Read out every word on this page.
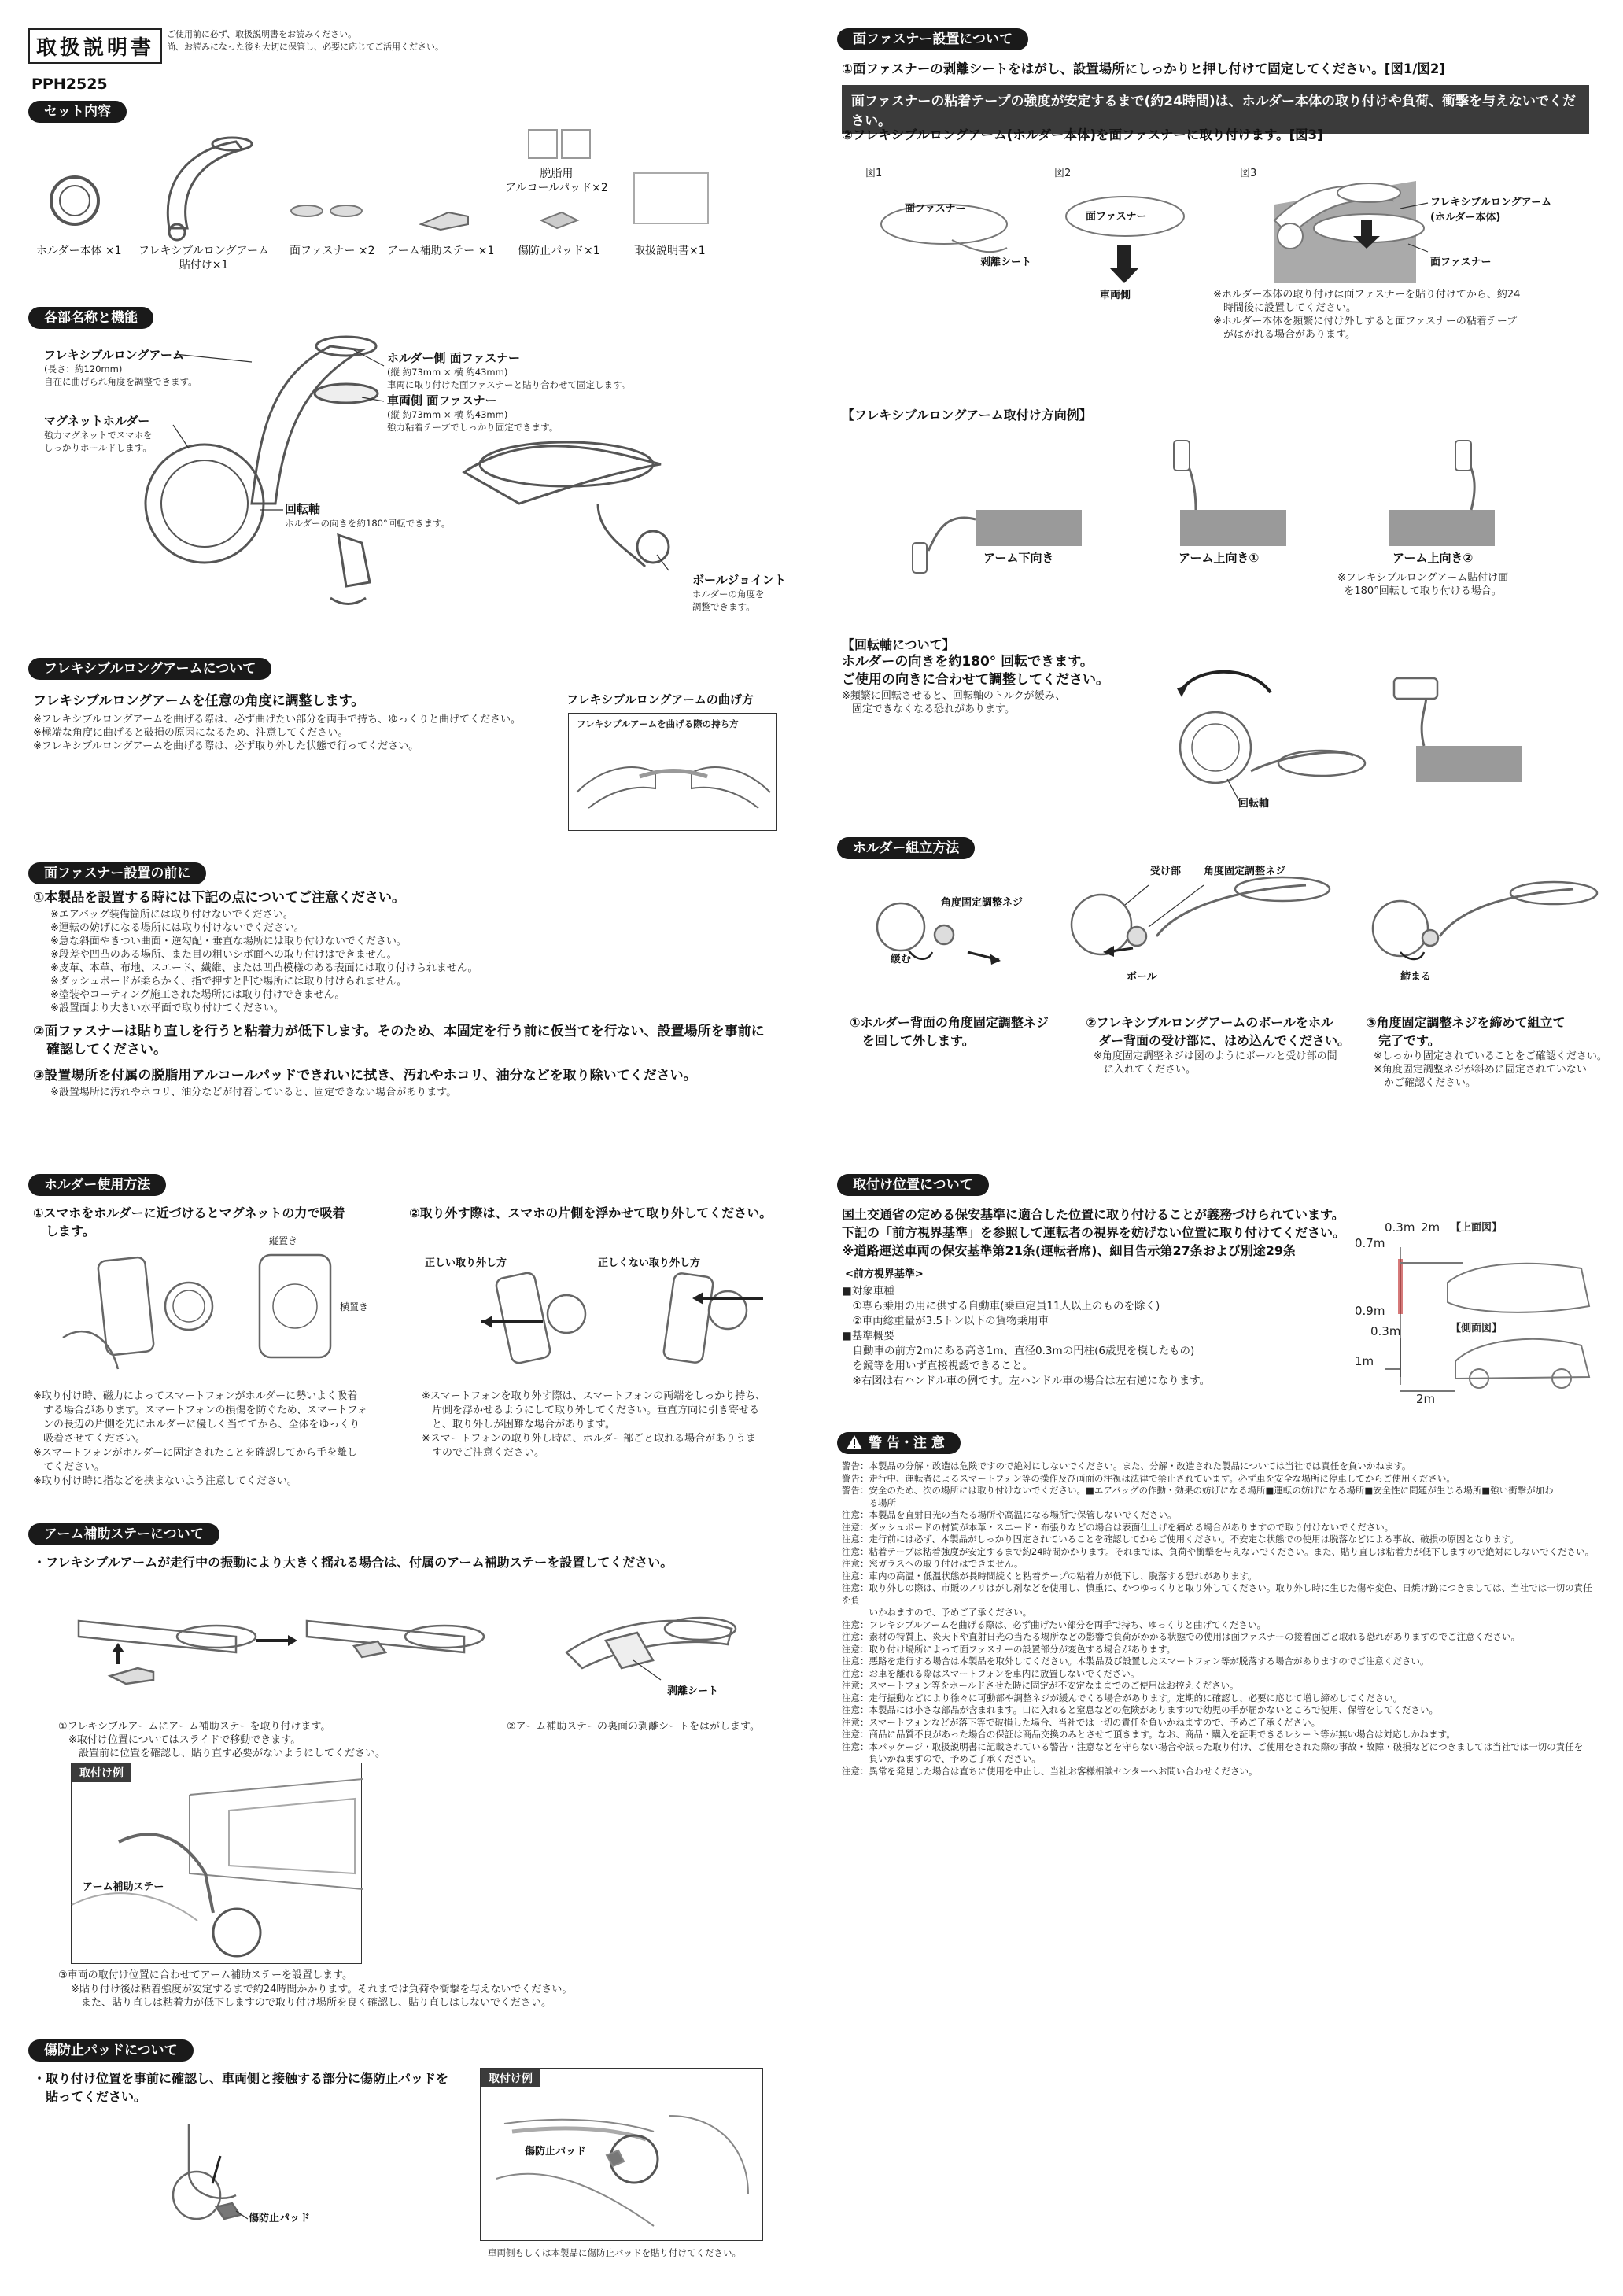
取扱説明書
ご使用前に必ず、取扱説明書をお読みください。
尚、お読みになった後も大切に保管し、必要に応じてご活用ください。
PPH2525
セット内容
ホルダー本体 ×1 フレキシブルロングアーム
貼付け×1
面ファスナー ×2 アーム補助ステー ×1 傷防止パッド×1	取扱説明書×1
脱脂用
アルコールパッド×2
各部名称と機能
フレキシブルロングアーム
(長さ：約120mm)
自在に曲げられ角度を調整できます。
マグネットホルダー
強力マグネットでスマホを
しっかりホールドします。
ホルダー側 面ファスナー
(縦 約73mm × 横 約43mm)
車両に取り付けた面ファスナーと貼り合わせて固定します。
車両側 面ファスナー
(縦 約73mm × 横 約43mm)
強力粘着テープでしっかり固定できます。
回転軸
ホルダーの向きを約180°回転できます。
ボールジョイント
ホルダーの角度を
調整できます。
フレキシブルロングアームについて
フレキシブルロングアームを任意の角度に調整します。
※フレキシブルロングアームを曲げる際は、必ず曲げたい部分を両手で持ち、ゆっくりと曲げてください。
※極端な角度に曲げると破損の原因になるため、注意してください。
※フレキシブルロングアームを曲げる際は、必ず取り外した状態で行ってください。
フレキシブルロングアームの曲げ方
フレキシブルアームを曲げる際の持ち方
面ファスナー設置の前に
①本製品を設置する時には下記の点についてご注意ください。
※エアバッグ装備箇所には取り付けないでください。
※運転の妨げになる場所には取り付けないでください。
※急な斜面やきつい曲面・逆勾配・垂直な場所には取り付けないでください。
※段差や凹凸のある場所、また目の粗いシボ面への取り付けはできません。
※皮革、本革、布地、スエード、繊維、または凹凸模様のある表面には取り付けられません。
※ダッシュボードが柔らかく、指で押すと凹む場所には取り付けられません。
※塗装やコーティング施工された場所には取り付けできません。
※設置面より大きい水平面で取り付けてください。
②面ファスナーは貼り直しを行うと粘着力が低下します。そのため、本固定を行う前に仮当てを行ない、設置場所を事前に
　確認してください。
③設置場所を付属の脱脂用アルコールパッドできれいに拭き、汚れやホコリ、油分などを取り除いてください。
※設置場所に汚れやホコリ、油分などが付着していると、固定できない場合があります。
ホルダー使用方法
①スマホをホルダーに近づけるとマグネットの力で吸着
　します。
②取り外す際は、スマホの片側を浮かせて取り外してください。
縦置き
横置き
正しい取り外し方	正しくない取り外し方
※取り付け時、磁力によってスマートフォンがホルダーに勢いよく吸着
　する場合があります。スマートフォンの損傷を防ぐため、スマートフォ
　ンの長辺の片側を先にホルダーに優しく当ててから、全体をゆっくり
　吸着させてください。
※スマートフォンがホルダーに固定されたことを確認してから手を離し
　てください。
※取り付け時に指などを挟まないよう注意してください。
※スマートフォンを取り外す際は、スマートフォンの両端をしっかり持ち、
　片側を浮かせるようにして取り外してください。垂直方向に引き寄せる
　と、取り外しが困難な場合があります。
※スマートフォンの取り外し時に、ホルダー部ごと取れる場合がありうま
　すのでご注意ください。
アーム補助ステーについて
・フレキシブルアームが走行中の振動により大きく揺れる場合は、付属のアーム補助ステーを設置してください。
剥離シート
①フレキシブルアームにアーム補助ステーを取り付けます。
　※取付け位置についてはスライドで移動できます。
　　設置前に位置を確認し、貼り直す必要がないようにしてください。
②アーム補助ステーの裏面の剥離シートをはがします。
取付け例
アーム補助ステー
③車両の取付け位置に合わせてアーム補助ステーを設置します。
※貼り付け後は粘着強度が安定するまで約24時間かかります。それまでは負荷や衝撃を与えないでください。
　また、貼り直しは粘着力が低下しますので取り付け場所を良く確認し、貼り直しはしないでください。
傷防止パッドについて
・取り付け位置を事前に確認し、車両側と接触する部分に傷防止パッドを
　貼ってください。
傷防止パッド
取付け例
傷防止パッド
車両側もしくは本製品に傷防止パッドを貼り付けてください。
面ファスナー設置について
①面ファスナーの剥離シートをはがし、設置場所にしっかりと押し付けて固定してください。[図1/図2]
面ファスナーの粘着テープの強度が安定するまで(約24時間)は、ホルダー本体の取り付けや負荷、衝撃を与えないでください。
②フレキシブルロングアーム(ホルダー本体)を面ファスナーに取り付けます。[図3]
図1	図2	図3
面ファスナー
剥離シート
面ファスナー
車両側
フレキシブルロングアーム
(ホルダー本体)
面ファスナー
※ホルダー本体の取り付けは面ファスナーを貼り付けてから、約24
　時間後に設置してください。
※ホルダー本体を頻繁に付け外しすると面ファスナーの粘着テープ
　がはがれる場合があります。
【フレキシブルロングアーム取付け方向例】
アーム下向き	アーム上向き①	アーム上向き②
※フレキシブルロングアーム貼付け面
を180°回転して取り付ける場合。
【回転軸について】
ホルダーの向きを約180° 回転できます。
ご使用の向きに合わせて調整してください。
※頻繁に回転させると、回転軸のトルクが緩み、
　固定できなくなる恐れがあります。
回転軸
ホルダー組立方法
角度固定調整ネジ
緩む
受け部 角度固定調整ネジ
ボール	締まる
①ホルダー背面の角度固定調整ネジ
　を回して外します。
②フレキシブルロングアームのボールをホル
　ダー背面の受け部に、はめ込んでください。
※角度固定調整ネジは図のようにボールと受け部の間
　に入れてください。
③角度固定調整ネジを締めて組立て
　完了です。
※しっかり固定されていることをご確認ください。
※角度固定調整ネジが斜めに固定されていない
　かご確認ください。
取付け位置について
国土交通省の定める保安基準に適合した位置に取り付けることが義務づけられています。
下記の「前方視界基準」を参照して運転者の視界を妨げない位置に取り付けてください。
※道路運送車両の保安基準第21条(運転者席)、細目告示第27条および別途29条
<前方視界基準>
■対象車種
　①専ら乗用の用に供する自動車(乗車定員11人以上のものを除く)
　②車両総重量が3.5トン以下の貨物乗用車
■基準概要
　自動車の前方2mにある高さ1m、直径0.3mの円柱(6歳児を模したもの)
　を鏡等を用いず直接視認できること。
　※右図は右ハンドル車の例です。左ハンドル車の場合は左右逆になります。
【上面図】
0.3m 2m
0.7m
0.9m
0.3m	【側面図】
1m
2m
警 告・注 意
警告：本製品の分解・改造は危険ですので絶対にしないでください。また、分解・改造された製品については当社では責任を負いかねます。
警告：走行中、運転者によるスマートフォン等の操作及び画面の注視は法律で禁止されています。必ず車を安全な場所に停車してからご使用ください。
警告：安全のため、次の場所には取り付けないでください。■エアバッグの作動・効果の妨げになる場所■運転の妨げになる場所■安全性に問題が生じる場所■強い衝撃が加わ
　　　る場所
注意：本製品を直射日光の当たる場所や高温になる場所で保管しないでください。
注意：ダッシュボードの材質が本革・スエード・布張りなどの場合は表面仕上げを痛める場合がありますので取り付けないでください。
注意：走行前には必ず、本製品がしっかり固定されていることを確認してからご使用ください。不安定な状態での使用は脱落などによる事故、破損の原因となります。
注意：粘着テープは粘着強度が安定するまで約24時間かかります。それまでは、負荷や衝撃を与えないでください。また、貼り直しは粘着力が低下しますので絶対にしないでください。
注意：窓ガラスへの取り付けはできません。
注意：車内の高温・低温状態が長時間続くと粘着テープの粘着力が低下し、脱落する恐れがあります。
注意：取り外しの際は、市販のノリはがし剤などを使用し、慎重に、かつゆっくりと取り外してください。取り外し時に生じた傷や変色、日焼け跡につきましては、当社では一切の責任を負
　　　いかねますので、予めご了承ください。
注意：フレキシブルアームを曲げる際は、必ず曲げたい部分を両手で持ち、ゆっくりと曲げてください。
注意：素材の特質上、炎天下や直射日光の当たる場所などの影響で負荷がかかる状態での使用は面ファスナーの接着面ごと取れる恐れがありますのでご注意ください。
注意：取り付け場所によって面ファスナーの設置部分が変色する場合があります。
注意：悪路を走行する場合は本製品を取外してください。本製品及び設置したスマートフォン等が脱落する場合がありますのでご注意ください。
注意：お車を離れる際はスマートフォンを車内に放置しないでください。
注意：スマートフォン等をホールドさせた時に固定が不安定なままでのご使用はお控えください。
注意：走行振動などにより徐々に可動部や調整ネジが緩んでくる場合があります。定期的に確認し、必要に応じて増し締めしてください。
注意：本製品には小さな部品が含まれます。口に入れると窒息などの危険がありますので幼児の手が届かないところで使用、保管をしてください。
注意：スマートフォンなどが落下等で破損した場合、当社では一切の責任を負いかねますので、予めご了承ください。
注意：商品に品質不良があった場合の保証は商品交換のみとさせて頂きます。なお、商品・購入を証明できるレシート等が無い場合は対応しかねます。
注意：本パッケージ・取扱説明書に記載されている警告・注意などを守らない場合や誤った取り付け、ご使用をされた際の事故・故障・破損などにつきましては当社では一切の責任を
　　　負いかねますので、予めご了承ください。
注意：異常を発見した場合は直ちに使用を中止し、当社お客様相談センターへお問い合わせください。
